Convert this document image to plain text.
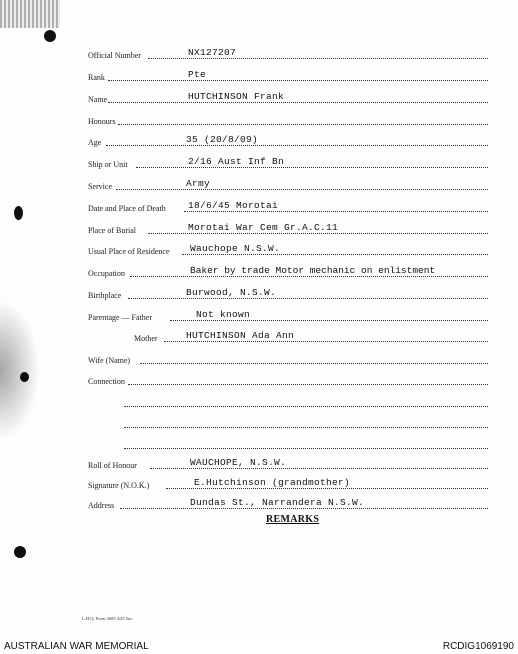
Official Number	NX127207
Rank	Pte
Name	HUTCHINSON Frank
Honours
Age	35 (20/8/09)
Ship or Unit	2/16 Aust Inf Bn
Service	Army
Date and Place of Death 18/6/45 Morotai
Place of Burial	Morotai War Cem Gr.A.C.11
Usual Place of Residence Wauchope N.S.W.
Occupation	Baker by trade Motor mechanic on enlistment
Birthplace	Burwood, N.S.W.
Parentage — Father	Not known
Mother	HUTCHINSON Ada Ann
Wife (Name)
Connection
Roll of Honour	WAUCHOPE, N.S.W.
Signature (N.O.K.)	E.Hutchinson (grandmother)
Address	Dundas St., Narrandera N.S.W.
REMARKS
L.H.Q. Form 3685 4/45 5m.
AUSTRALIAN WAR MEMORIAL	RCDIG1069190
